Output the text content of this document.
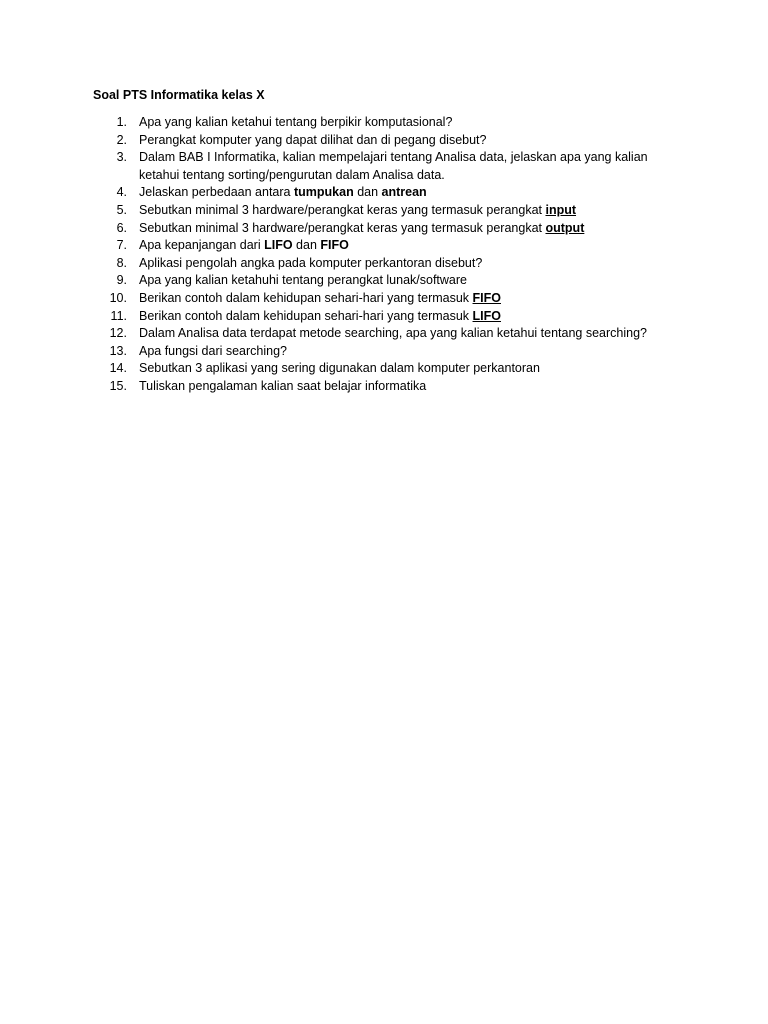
Soal PTS Informatika kelas X
1. Apa yang kalian ketahui tentang berpikir komputasional?
2. Perangkat komputer yang dapat dilihat dan di pegang disebut?
3. Dalam BAB I Informatika, kalian mempelajari tentang Analisa data, jelaskan apa yang kalian ketahui tentang sorting/pengurutan dalam Analisa data.
4. Jelaskan perbedaan antara tumpukan dan antrean
5. Sebutkan minimal 3 hardware/perangkat keras yang termasuk perangkat input
6. Sebutkan minimal 3 hardware/perangkat keras yang termasuk perangkat output
7. Apa kepanjangan dari LIFO dan FIFO
8. Aplikasi pengolah angka pada komputer perkantoran disebut?
9. Apa yang kalian ketahuhi tentang perangkat lunak/software
10. Berikan contoh dalam kehidupan sehari-hari yang termasuk FIFO
11. Berikan contoh dalam kehidupan sehari-hari yang termasuk LIFO
12. Dalam Analisa data terdapat metode searching, apa yang kalian ketahui tentang searching?
13. Apa fungsi dari searching?
14. Sebutkan 3 aplikasi yang sering digunakan dalam komputer perkantoran
15. Tuliskan pengalaman kalian saat belajar informatika
